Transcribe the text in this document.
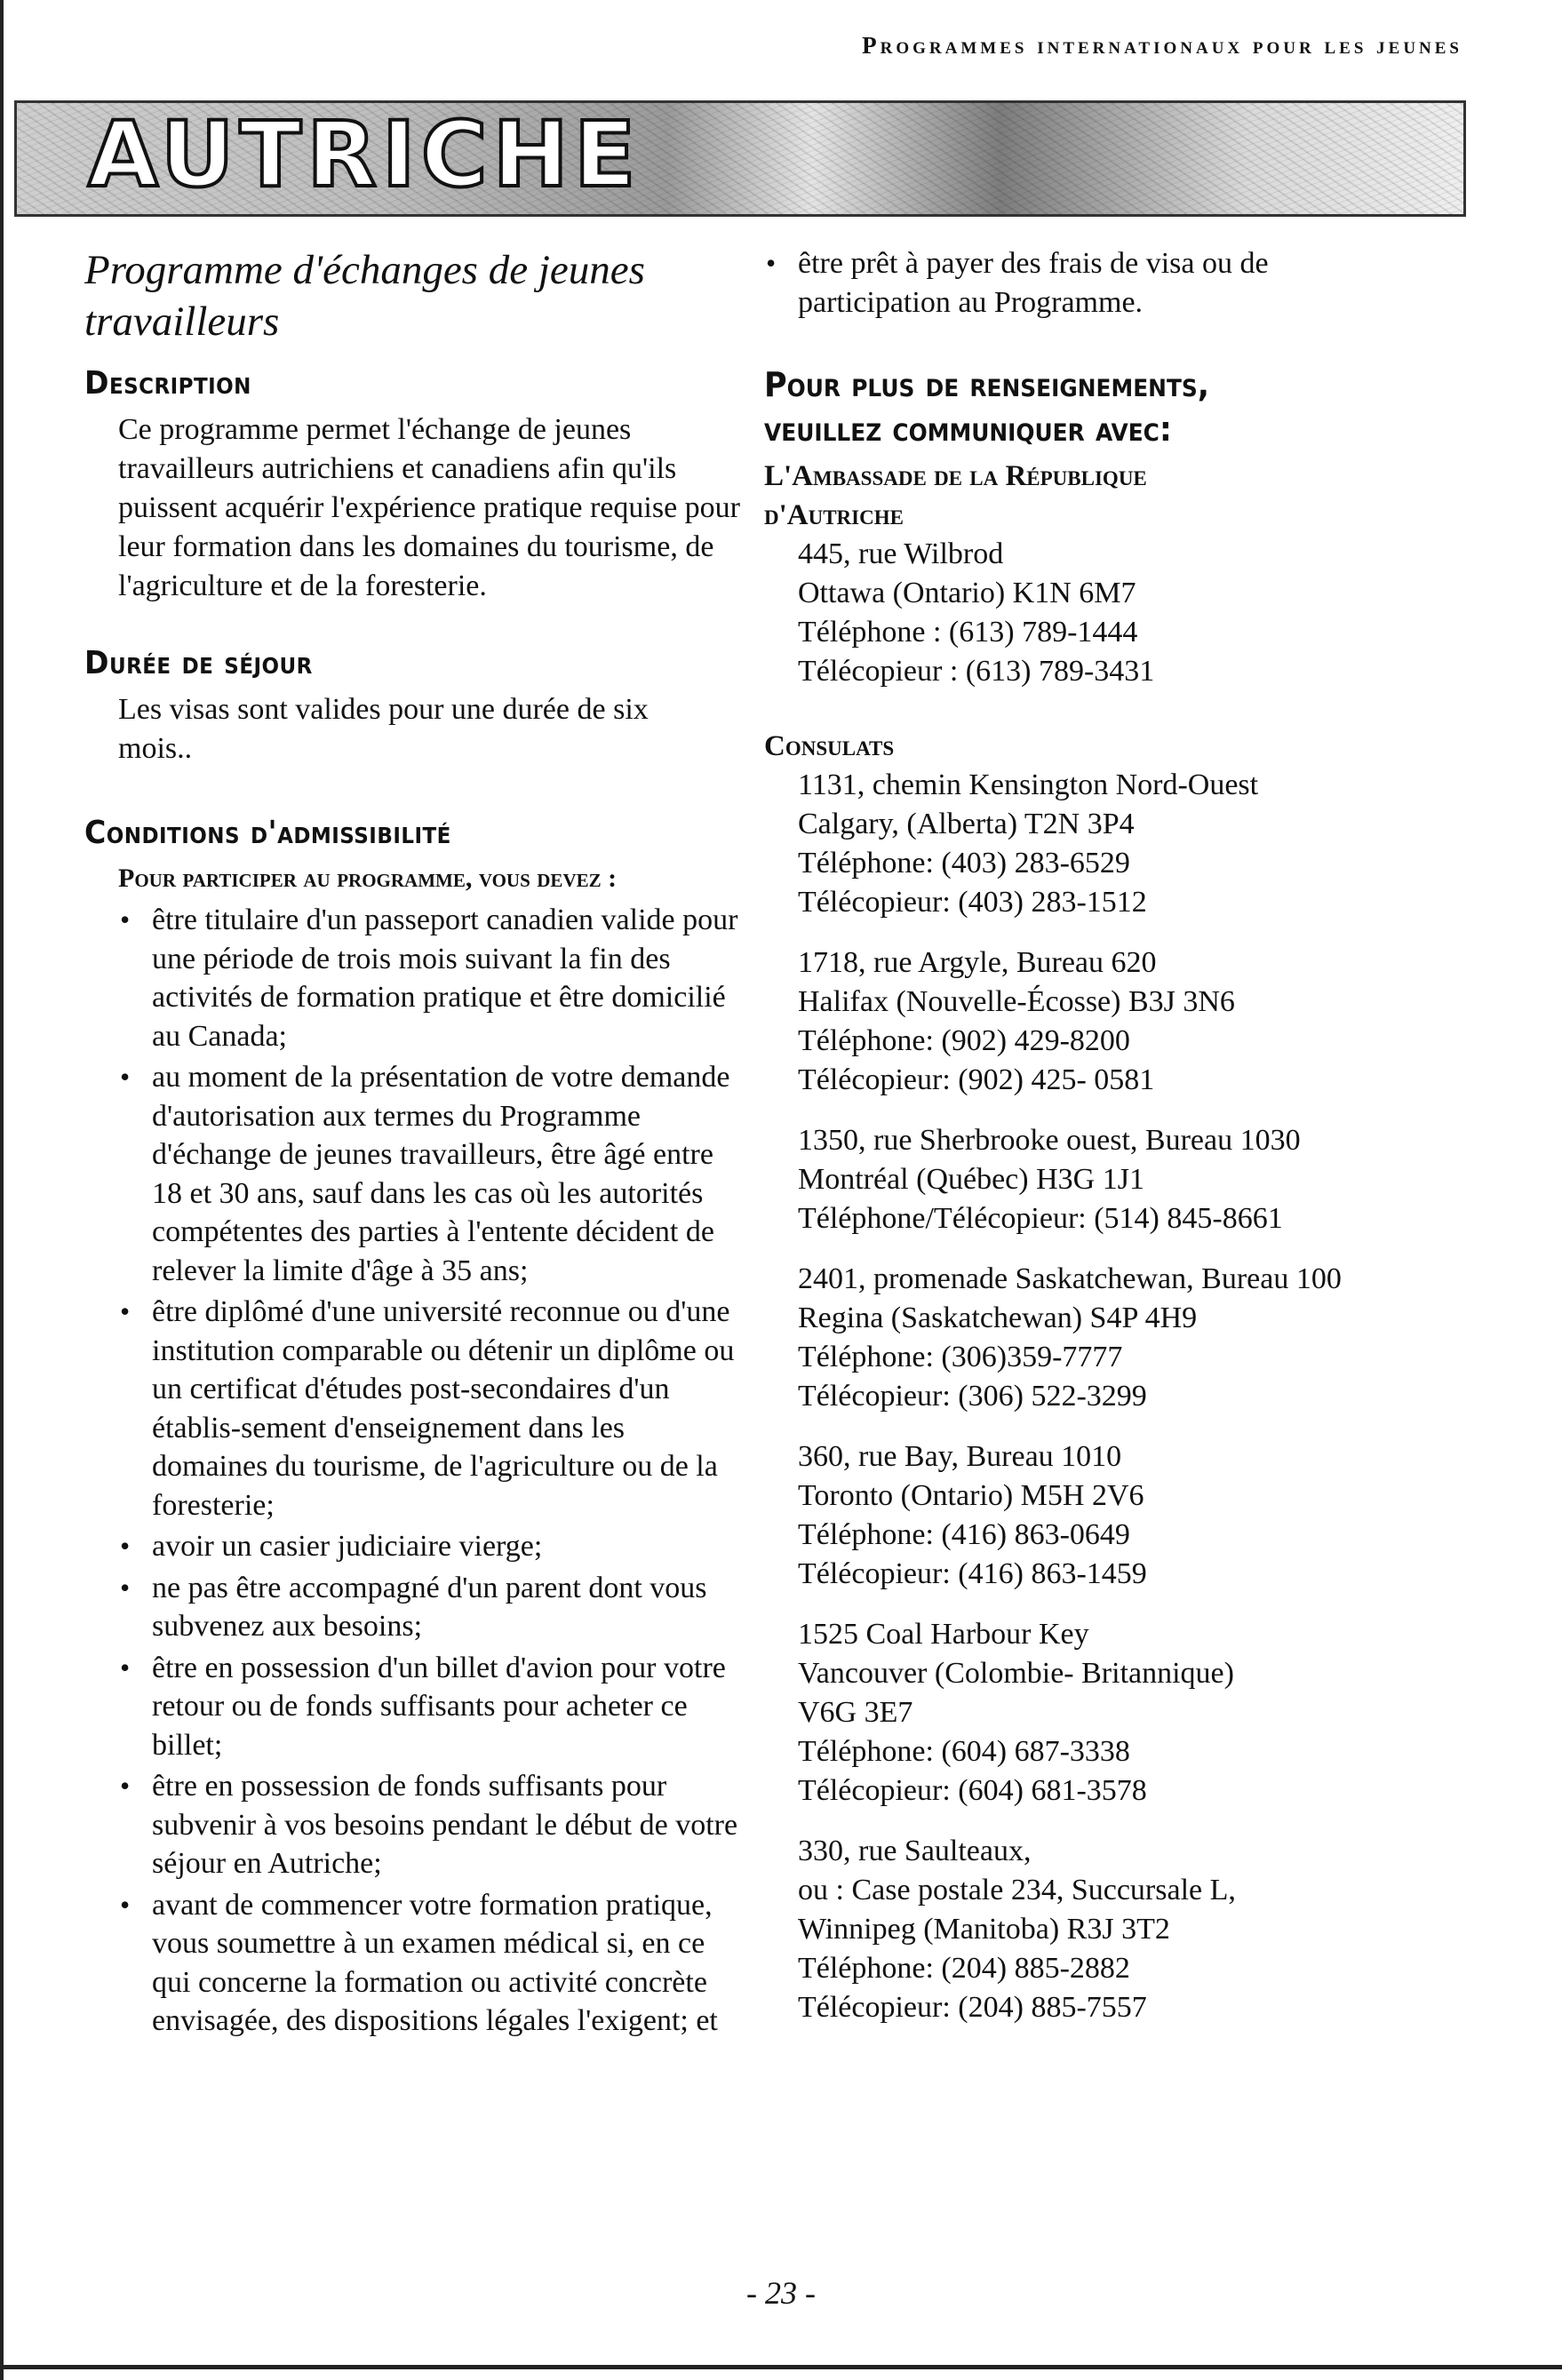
Programmes internationaux pour les jeunes
AUTRICHE
Programme d'échanges de jeunes travailleurs
Description

Ce programme permet l'échange de jeunes travailleurs autrichiens et canadiens afin qu'ils puissent acquérir l'expérience pratique requise pour leur formation dans les domaines du tourisme, de l'agriculture et de la foresterie.

Durée de séjour

Les visas sont valides pour une durée de six mois..

Conditions d'admissibilité
Pour participer au programme, vous devez :
• être titulaire d'un passeport canadien valide pour une période de trois mois suivant la fin des activités de formation pratique et être domicilié au Canada;
• au moment de la présentation de votre demande d'autorisation aux termes du Programme d'échange de jeunes travailleurs, être âgé entre 18 et 30 ans, sauf dans les cas où les autorités compétentes des parties à l'entente décident de relever la limite d'âge à 35 ans;
• être diplômé d'une université reconnue ou d'une institution comparable ou détenir un diplôme ou un certificat d'études post-secondaires d'un établis-sement d'enseignement dans les domaines du tourisme, de l'agriculture ou de la foresterie;
• avoir un casier judiciaire vierge;
• ne pas être accompagné d'un parent dont vous subvenez aux besoins;
• être en possession d'un billet d'avion pour votre retour ou de fonds suffisants pour acheter ce billet;
• être en possession de fonds suffisants pour subvenir à vos besoins pendant le début de votre séjour en Autriche;
• avant de commencer votre formation pratique, vous soumettre à un examen médical si, en ce qui concerne la formation ou activité concrète envisagée, des dispositions légales l'exigent; et
• être prêt à payer des frais de visa ou de participation au Programme.
Pour plus de renseignements,
veuillez communiquer avec:
L'Ambassade de la République
d'Autriche
445, rue Wilbrod
Ottawa (Ontario) K1N 6M7
Téléphone : (613) 789-1444
Télécopieur : (613) 789-3431
Consulats
1131, chemin Kensington Nord-Ouest
Calgary, (Alberta) T2N 3P4
Téléphone: (403) 283-6529
Télécopieur: (403) 283-1512
1718, rue Argyle, Bureau 620
Halifax (Nouvelle-Écosse) B3J 3N6
Téléphone: (902) 429-8200
Télécopieur: (902) 425- 0581
1350, rue Sherbrooke ouest, Bureau 1030
Montréal (Québec) H3G 1J1
Téléphone/Télécopieur: (514) 845-8661
2401, promenade Saskatchewan, Bureau 100
Regina (Saskatchewan) S4P 4H9
Téléphone: (306)359-7777
Télécopieur: (306) 522-3299
360, rue Bay, Bureau 1010
Toronto (Ontario) M5H 2V6
Téléphone: (416) 863-0649
Télécopieur: (416) 863-1459
1525 Coal Harbour Key
Vancouver (Colombie- Britannique)
V6G 3E7
Téléphone: (604) 687-3338
Télécopieur: (604) 681-3578
330, rue Saulteaux,
ou : Case postale 234, Succursale L,
Winnipeg (Manitoba) R3J 3T2
Téléphone: (204) 885-2882
Télécopieur: (204) 885-7557
- 23 -
